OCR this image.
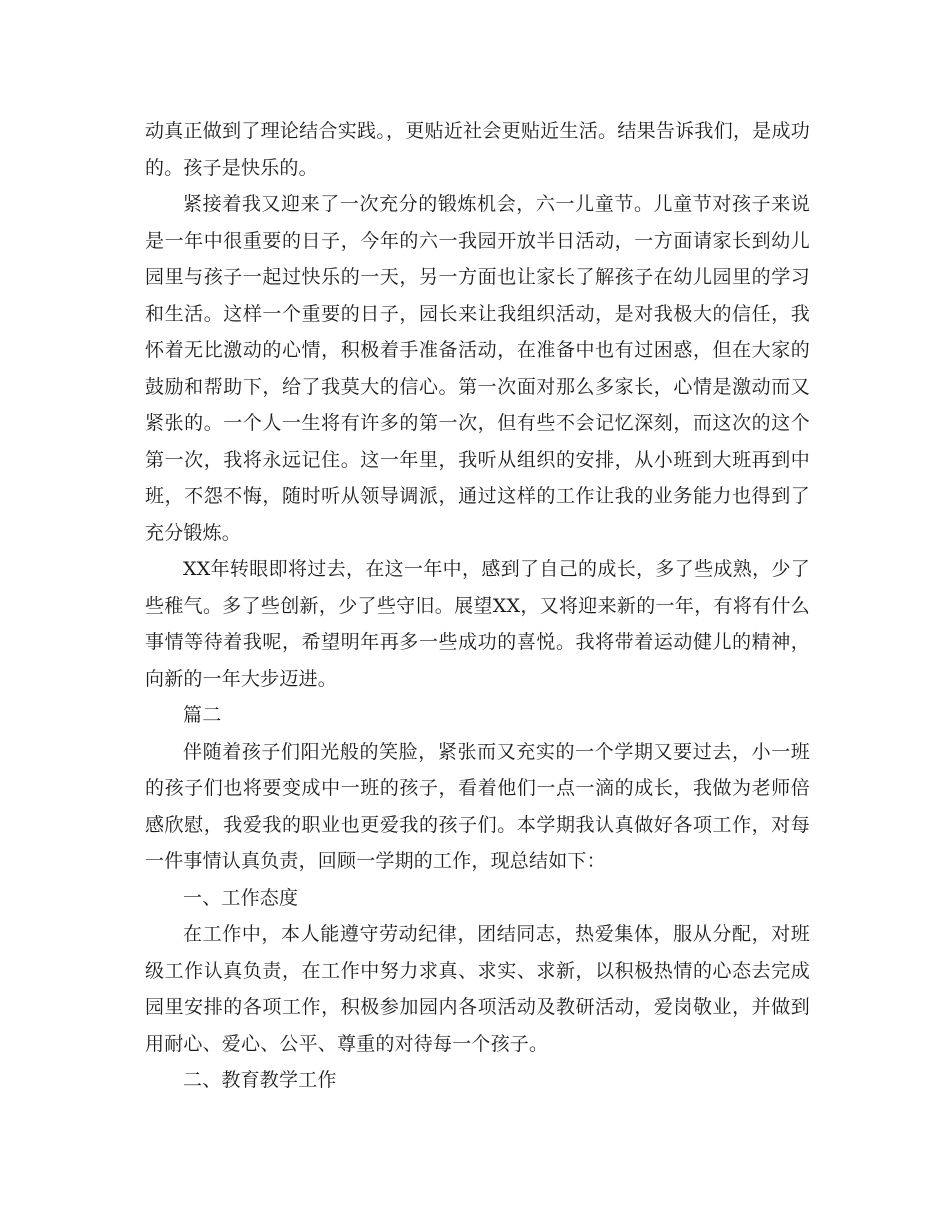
动真正做到了理论结合实践。，更贴近社会更贴近生活。结果告诉我们，是成功的。孩子是快乐的。

紧接着我又迎来了一次充分的锻炼机会，六一儿童节。儿童节对孩子来说是一年中很重要的日子，今年的六一我园开放半日活动，一方面请家长到幼儿园里与孩子一起过快乐的一天，另一方面也让家长了解孩子在幼儿园里的学习和生活。这样一个重要的日子，园长来让我组织活动，是对我极大的信任，我怀着无比激动的心情，积极着手准备活动，在准备中也有过困惑，但在大家的鼓励和帮助下，给了我莫大的信心。第一次面对那么多家长，心情是激动而又紧张的。一个人一生将有许多的第一次，但有些不会记忆深刻，而这次的这个第一次，我将永远记住。这一年里，我听从组织的安排，从小班到大班再到中班，不怨不悔，随时听从领导调派，通过这样的工作让我的业务能力也得到了充分锻炼。

XX年转眼即将过去，在这一年中，感到了自己的成长，多了些成熟，少了些稚气。多了些创新，少了些守旧。展望XX，又将迎来新的一年，有将有什么事情等待着我呢，希望明年再多一些成功的喜悦。我将带着运动健儿的精神，向新的一年大步迈进。

篇二

伴随着孩子们阳光般的笑脸，紧张而又充实的一个学期又要过去，小一班的孩子们也将要变成中一班的孩子，看着他们一点一滴的成长，我做为老师倍感欣慰，我爱我的职业也更爱我的孩子们。本学期我认真做好各项工作，对每一件事情认真负责，回顾一学期的工作，现总结如下：

一、工作态度

在工作中，本人能遵守劳动纪律，团结同志，热爱集体，服从分配，对班级工作认真负责，在工作中努力求真、求实、求新，以积极热情的心态去完成园里安排的各项工作，积极参加园内各项活动及教研活动，爱岗敬业，并做到用耐心、爱心、公平、尊重的对待每一个孩子。

二、教育教学工作
